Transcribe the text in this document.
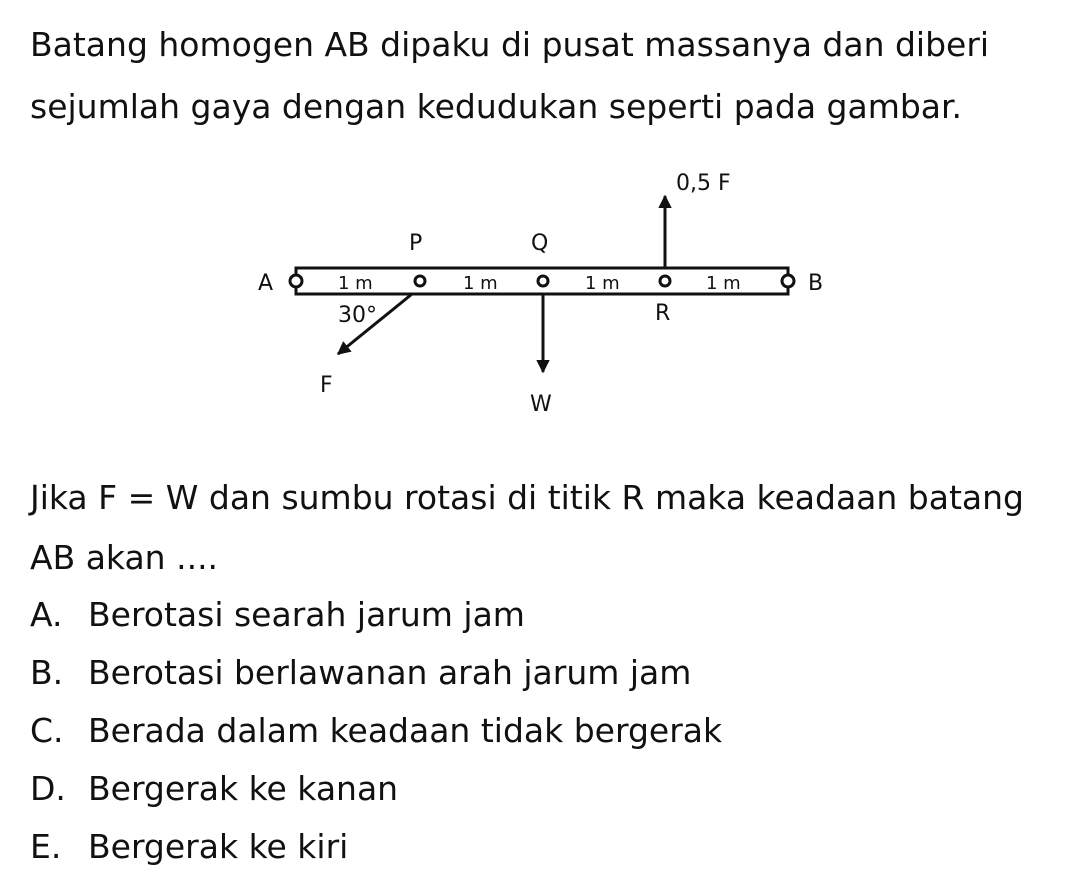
Batang homogen AB dipaku di pusat massanya dan diberi sejumlah gaya dengan kedudukan seperti pada gambar.

A	B
P	Q
R
1 m	1 m	1 m	1 m
0,5 F
30°
F
W

Jika F = W dan sumbu rotasi di titik R maka keadaan batang AB akan ....

A. Berotasi searah jarum jam
B. Berotasi berlawanan arah jarum jam
C. Berada dalam keadaan tidak bergerak
D. Bergerak ke kanan
E. Bergerak ke kiri
